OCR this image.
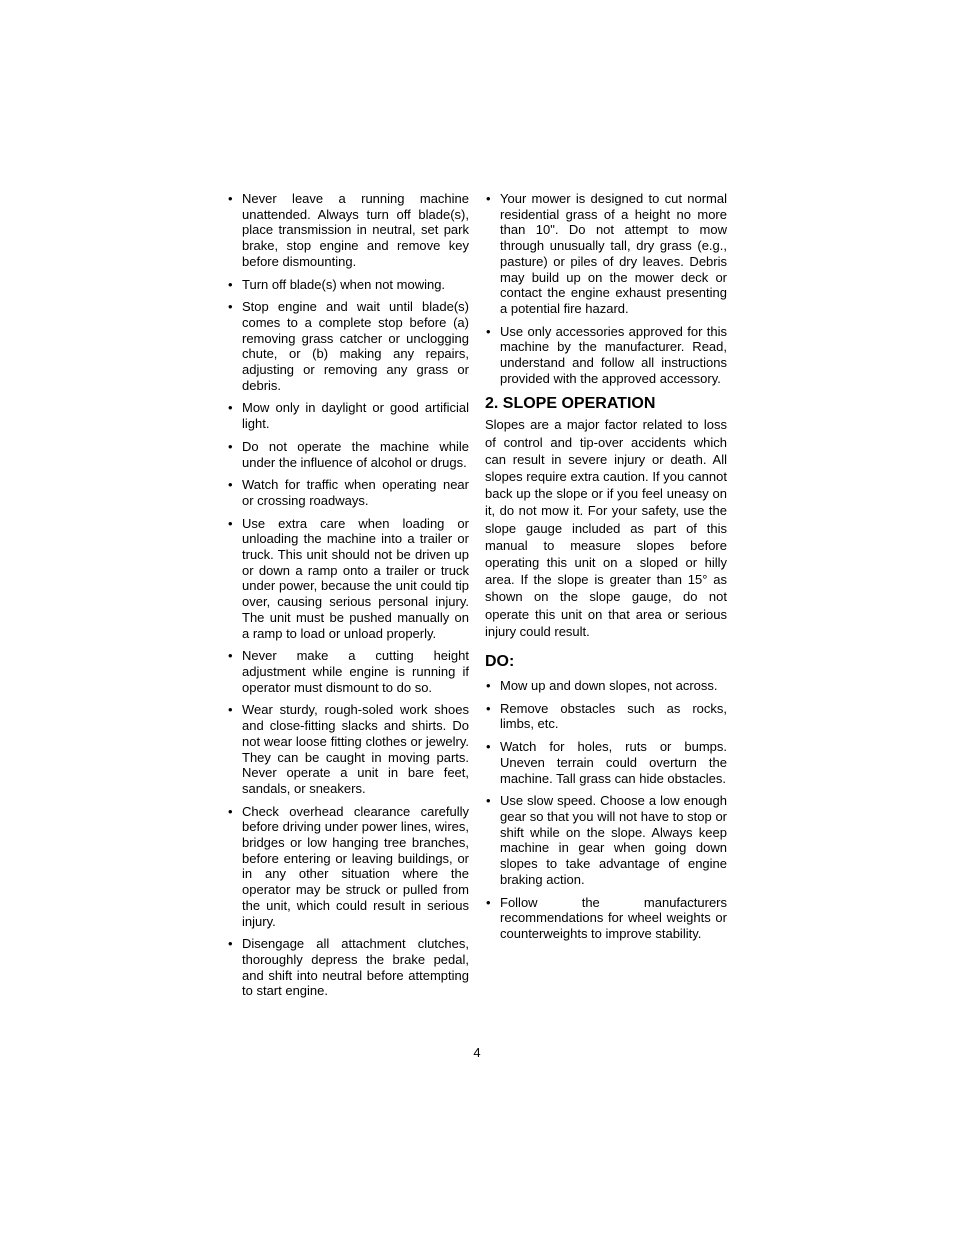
• Never leave a running machine unattended. Always turn off blade(s), place transmission in neutral, set park brake, stop engine and remove key before dismounting.
• Turn off blade(s) when not mowing.
• Stop engine and wait until blade(s) comes to a complete stop before (a) removing grass catcher or unclogging chute, or (b) making any repairs, adjusting or removing any grass or debris.
• Mow only in daylight or good artificial light.
• Do not operate the machine while under the influence of alcohol or drugs.
• Watch for traffic when operating near or crossing roadways.
• Use extra care when loading or unloading the machine into a trailer or truck. This unit should not be driven up or down a ramp onto a trailer or truck under power, because the unit could tip over, causing serious personal injury. The unit must be pushed manually on a ramp to load or unload properly.
• Never make a cutting height adjustment while engine is running if operator must dismount to do so.
• Wear sturdy, rough-soled work shoes and close-fitting slacks and shirts. Do not wear loose fitting clothes or jewelry. They can be caught in moving parts. Never operate a unit in bare feet, sandals, or sneakers.
• Check overhead clearance carefully before driving under power lines, wires, bridges or low hanging tree branches, before entering or leaving buildings, or in any other situation where the operator may be struck or pulled from the unit, which could result in serious injury.
• Disengage all attachment clutches, thoroughly depress the brake pedal, and shift into neutral before attempting to start engine.
• Your mower is designed to cut normal residential grass of a height no more than 10". Do not attempt to mow through unusually tall, dry grass (e.g., pasture) or piles of dry leaves. Debris may build up on the mower deck or contact the engine exhaust presenting a potential fire hazard.
• Use only accessories approved for this machine by the manufacturer. Read, understand and follow all instructions provided with the approved accessory.
2. SLOPE OPERATION

Slopes are a major factor related to loss of control and tip-over accidents which can result in severe injury or death. All slopes require extra caution. If you cannot back up the slope or if you feel uneasy on it, do not mow it. For your safety, use the slope gauge included as part of this manual to measure slopes before operating this unit on a sloped or hilly area. If the slope is greater than 15° as shown on the slope gauge, do not operate this unit on that area or serious injury could result.

DO:
• Mow up and down slopes, not across.
• Remove obstacles such as rocks, limbs, etc.
• Watch for holes, ruts or bumps. Uneven terrain could overturn the machine. Tall grass can hide obstacles.
• Use slow speed. Choose a low enough gear so that you will not have to stop or shift while on the slope. Always keep machine in gear when going down slopes to take advantage of engine braking action.
• Follow the manufacturers recommendations for wheel weights or counterweights to improve stability.
4
